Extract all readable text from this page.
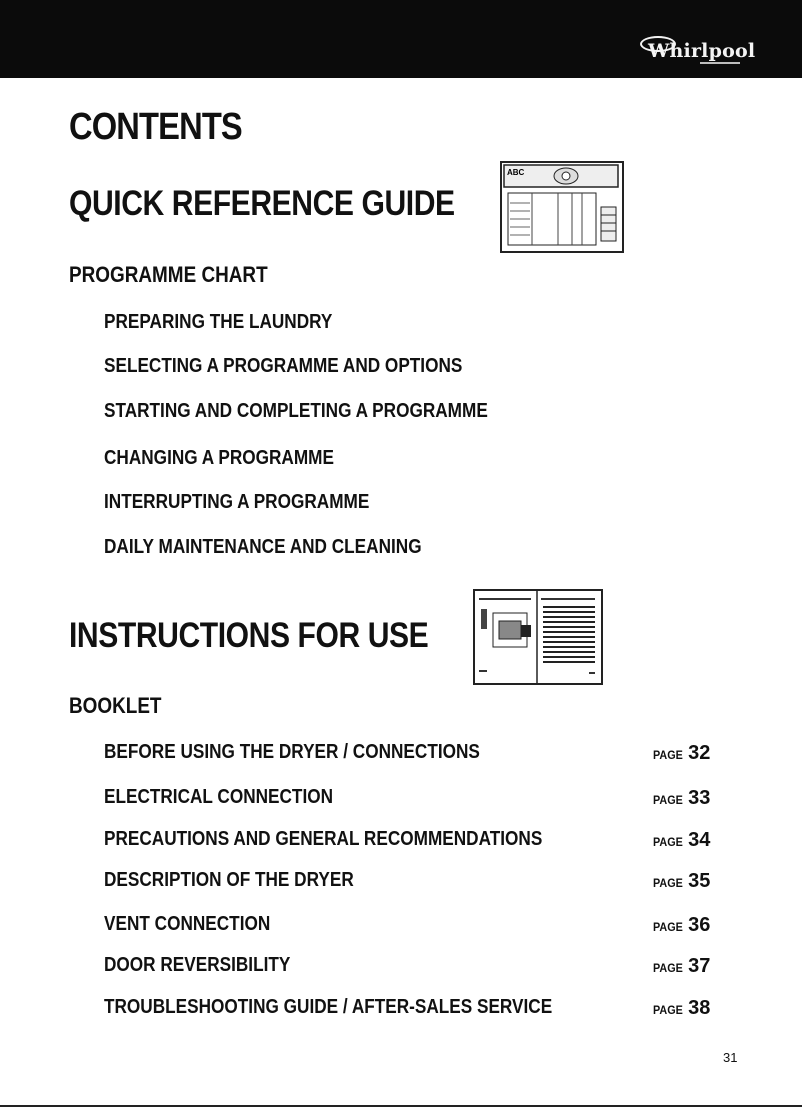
Whirlpool
CONTENTS
QUICK REFERENCE GUIDE
ABC
PROGRAMME CHART
PREPARING THE LAUNDRY
SELECTING A PROGRAMME AND OPTIONS
STARTING AND COMPLETING A PROGRAMME
CHANGING A PROGRAMME
INTERRUPTING A PROGRAMME
DAILY MAINTENANCE AND CLEANING
INSTRUCTIONS FOR USE
BOOKLET
BEFORE USING THE DRYER / CONNECTIONS	PAGE 32
ELECTRICAL CONNECTION	PAGE 33
PRECAUTIONS AND GENERAL RECOMMENDATIONS	PAGE 34
DESCRIPTION OF THE DRYER	PAGE 35
VENT CONNECTION	PAGE 36
DOOR REVERSIBILITY	PAGE 37
TROUBLESHOOTING GUIDE / AFTER-SALES SERVICE	PAGE 38
31
